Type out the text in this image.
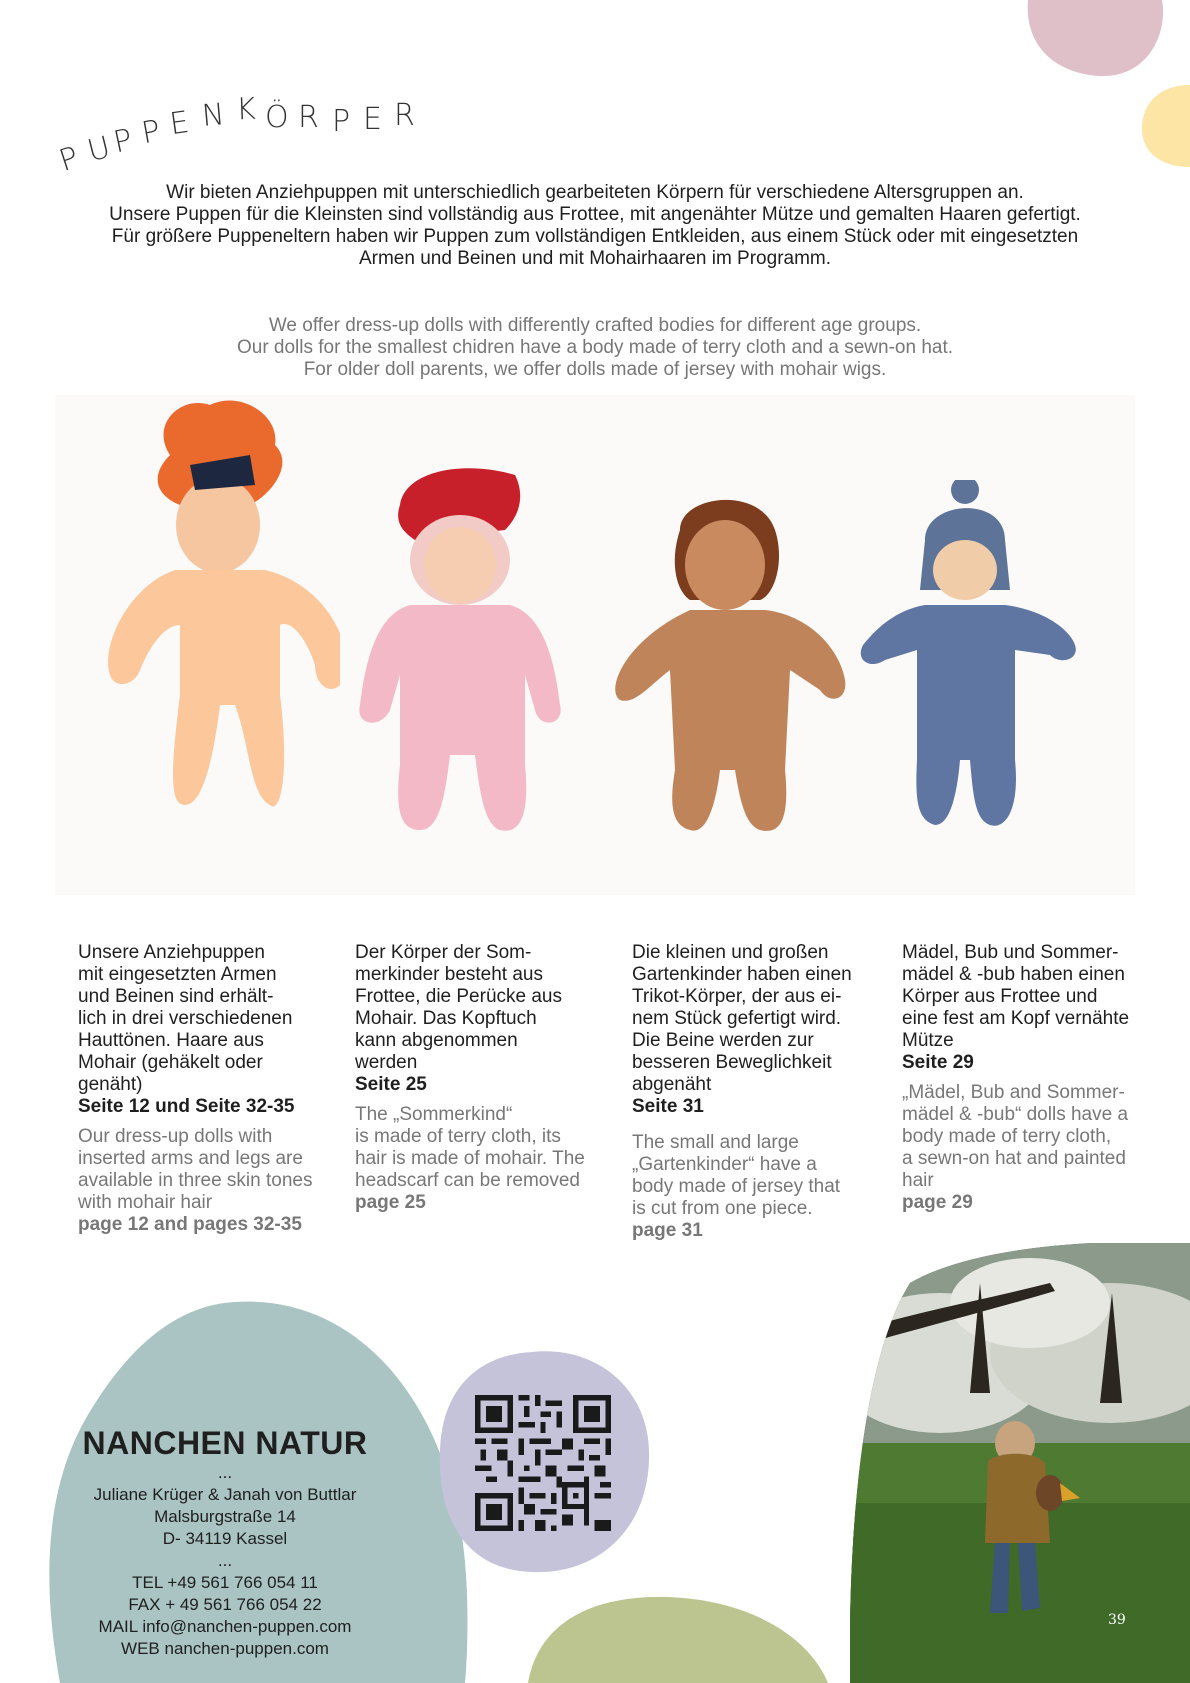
P U
P P E N K Ö R P E R
Wir bieten Anziehpuppen mit unterschiedlich gearbeiteten Körpern für verschiedene Altersgruppen an.
Unsere Puppen für die Kleinsten sind vollständig aus Frottee, mit angenähter Mütze und gemalten Haaren gefertigt.
Für größere Puppeneltern haben wir Puppen zum vollständigen Entkleiden, aus einem Stück oder mit eingesetzten
Armen und Beinen und mit Mohairhaaren im Programm.
We offer dress-up dolls with differently crafted bodies for different age groups.
Our dolls for the smallest chidren have a body made of terry cloth and a sewn-on hat.
For older doll parents, we offer dolls made of jersey with mohair wigs.
Unsere Anziehpuppen
mit eingesetzten Armen
und Beinen sind erhält-
lich in drei verschiedenen
Hauttönen. Haare aus
Mohair (gehäkelt oder
genäht)
Seite 12 und Seite 32-35
Our dress-up dolls with
inserted arms and legs are
available in three skin tones
with mohair hair
page 12 and pages 32-35
Der Körper der Som-
merkinder besteht aus
Frottee, die Perücke aus
Mohair. Das Kopftuch
kann abgenommen
werden
Seite 25
The „Sommerkind“
is made of terry cloth, its
hair is made of mohair. The
headscarf can be removed
page 25
Die kleinen und großen
Gartenkinder haben einen
Trikot-Körper, der aus ei-
nem Stück gefertigt wird.
Die Beine werden zur
besseren Beweglichkeit
abgenäht
Seite 31
The small and large
„Gartenkinder“ have a
body made of jersey that
is cut from one piece.
page 31
Mädel, Bub und Sommer-
mädel & -bub haben einen
Körper aus Frottee und
eine fest am Kopf vernähte
Mütze
Seite 29
„Mädel, Bub and Sommer-
mädel & -bub“ dolls have a
body made of terry cloth,
a sewn-on hat and painted
hair
page 29
NANCHEN NATUR
...
Juliane Krüger & Janah von Buttlar
Malsburgstraße 14
D- 34119 Kassel
...
TEL +49 561 766 054 11
FAX + 49 561 766 054 22
MAIL info@nanchen-puppen.com
WEB nanchen-puppen.com
39
